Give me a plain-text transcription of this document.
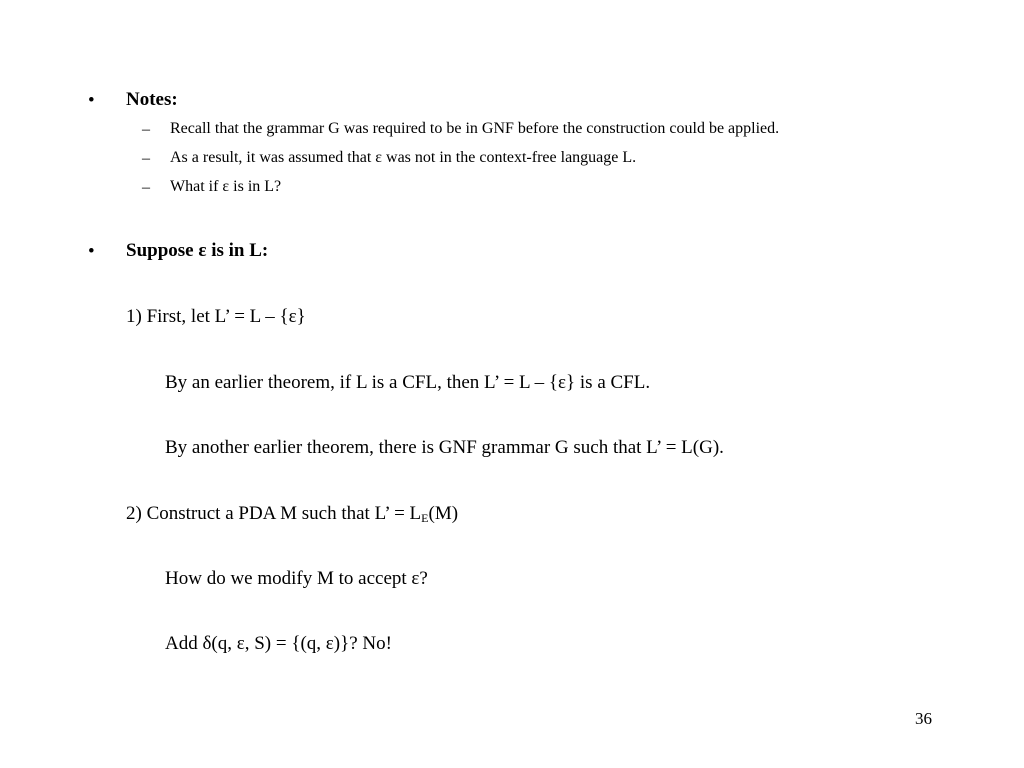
• Notes:
– Recall that the grammar G was required to be in GNF before the construction could be applied.
– As a result, it was assumed that ε was not in the context-free language L.
– What if ε is in L?
• Suppose ε is in L:
1) First, let L’ = L – {ε}
By an earlier theorem, if L is a CFL, then L’ = L – {ε} is a CFL.
By another earlier theorem, there is GNF grammar G such that L’ = L(G).
2) Construct a PDA M such that L’ = $L_E(M)$
How do we modify M to accept ε?
Add δ(q, ε, S) = {(q, ε)}? No!
36
